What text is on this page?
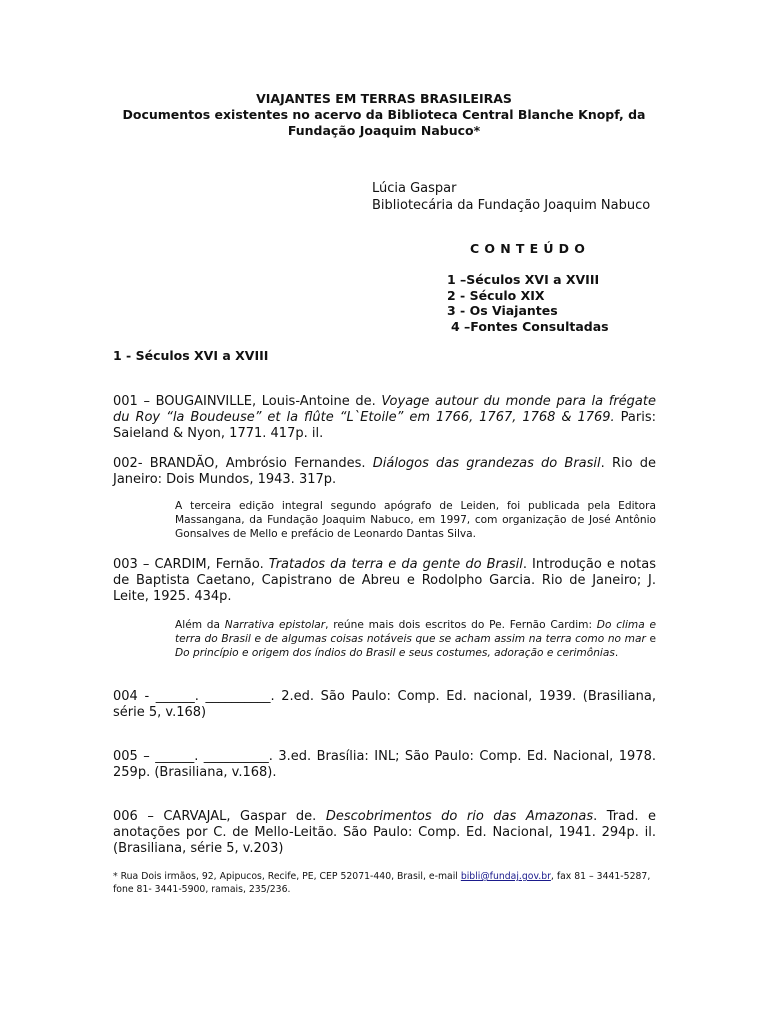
VIAJANTES EM TERRAS BRASILEIRAS
Documentos existentes no acervo da Biblioteca Central Blanche Knopf, da
Fundação Joaquim Nabuco*
Lúcia Gaspar
Bibliotecária da Fundação Joaquim Nabuco
CONTEÚDO
1 –Séculos XVI a XVIII
2 - Século XIX
3 - Os Viajantes
4 –Fontes Consultadas
1 - Séculos XVI a XVIII
001 – BOUGAINVILLE, Louis-Antoine de. Voyage autour du monde para la frégate du Roy “la Boudeuse” et la flûte “L`Etoile” em 1766, 1767, 1768 & 1769. Paris: Saieland & Nyon, 1771. 417p. il.
002- BRANDÃO, Ambrósio Fernandes. Diálogos das grandezas do Brasil. Rio de Janeiro: Dois Mundos, 1943. 317p.
A terceira edição integral segundo apógrafo de Leiden, foi publicada pela Editora Massangana, da Fundação Joaquim Nabuco, em 1997, com organização de José Antônio Gonsalves de Mello e prefácio de Leonardo Dantas Silva.
003 – CARDIM, Fernão. Tratados da terra e da gente do Brasil. Introdução e notas de Baptista Caetano, Capistrano de Abreu e Rodolpho Garcia. Rio de Janeiro; J. Leite, 1925. 434p.
Além da Narrativa epistolar, reúne mais dois escritos do Pe. Fernão Cardim: Do clima e terra do Brasil e de algumas coisas notáveis que se acham assim na terra como no mar e Do princípio e origem dos índios do Brasil e seus costumes, adoração e cerimônias.
004 - ______. __________. 2.ed. São Paulo: Comp. Ed. nacional, 1939. (Brasiliana, série 5, v.168)
005 – ______. __________. 3.ed. Brasília: INL; São Paulo: Comp. Ed. Nacional, 1978. 259p. (Brasiliana, v.168).
006 – CARVAJAL, Gaspar de. Descobrimentos do rio das Amazonas. Trad. e anotações por C. de Mello-Leitão. São Paulo: Comp. Ed. Nacional, 1941. 294p. il. (Brasiliana, série 5, v.203)
* Rua Dois irmãos, 92, Apipucos, Recife, PE, CEP 52071-440, Brasil, e-mail bibli@fundaj.gov.br, fax 81 – 3441-5287, fone 81- 3441-5900, ramais, 235/236.
